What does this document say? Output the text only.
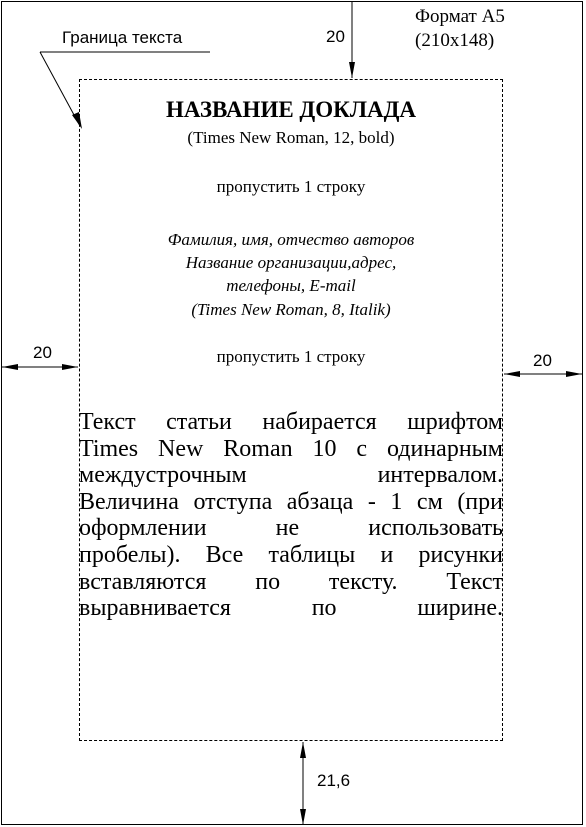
Формат А5
(210x148)
Граница текста	20
20	20
21,6
НАЗВАНИЕ ДОКЛАДА
(Times New Roman, 12, bold)
пропустить 1 строку
Фамилия, имя, отчество авторов
Название организации,адрес,
телефоны, E-mail
(Times New Roman, 8, Italik)
пропустить 1 строку
Текст статьи набирается шрифтом
Times New Roman 10 с одинарным
междустрочным интервалом.
Величина отступа абзаца - 1 см (при
оформлении не использовать
пробелы). Все таблицы и рисунки
вставляются по тексту. Текст
выравнивается по ширине.
